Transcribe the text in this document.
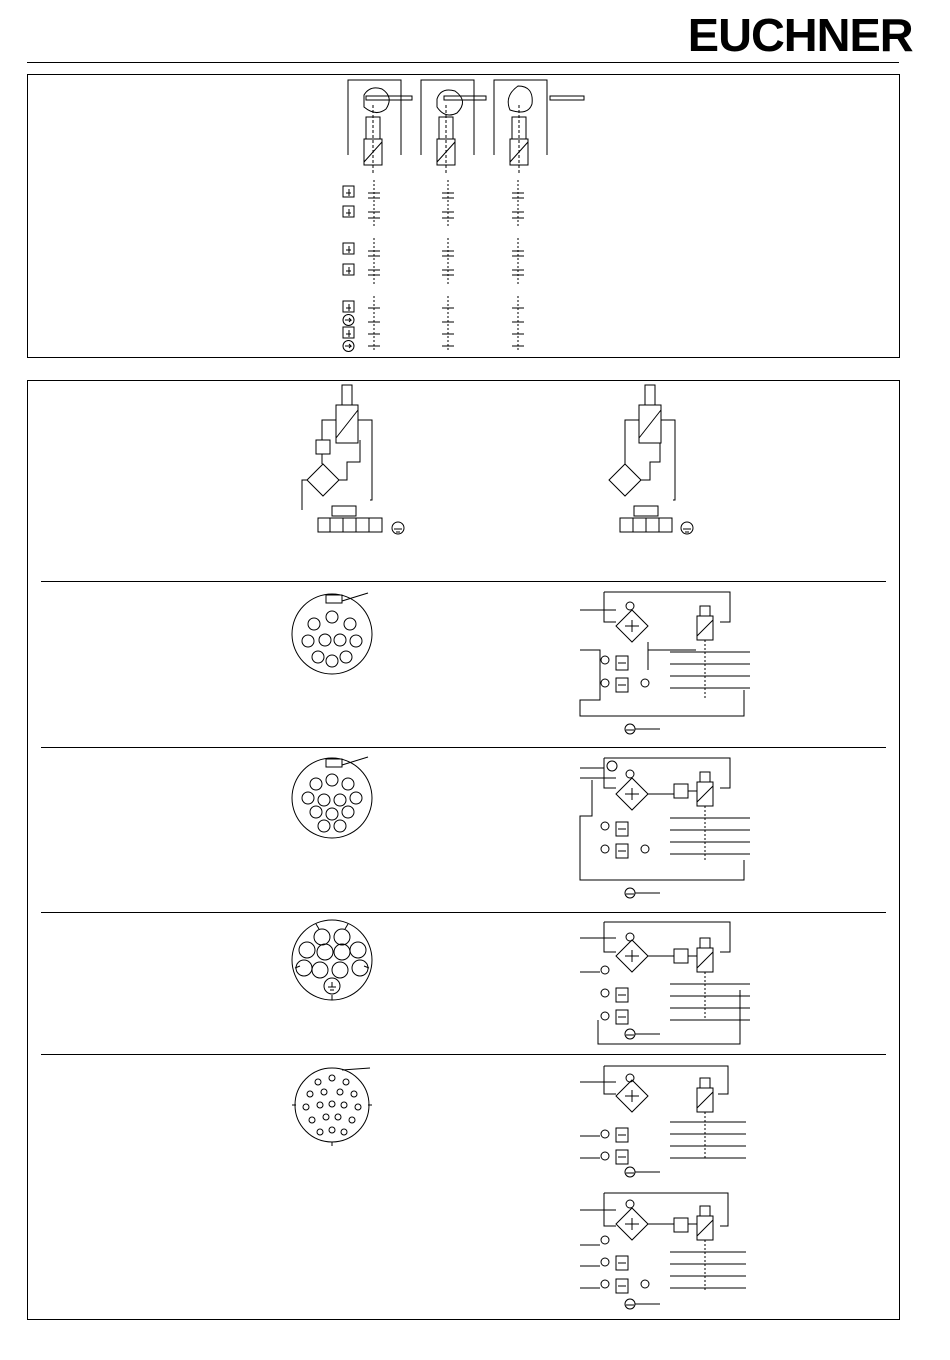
EUCHNER
